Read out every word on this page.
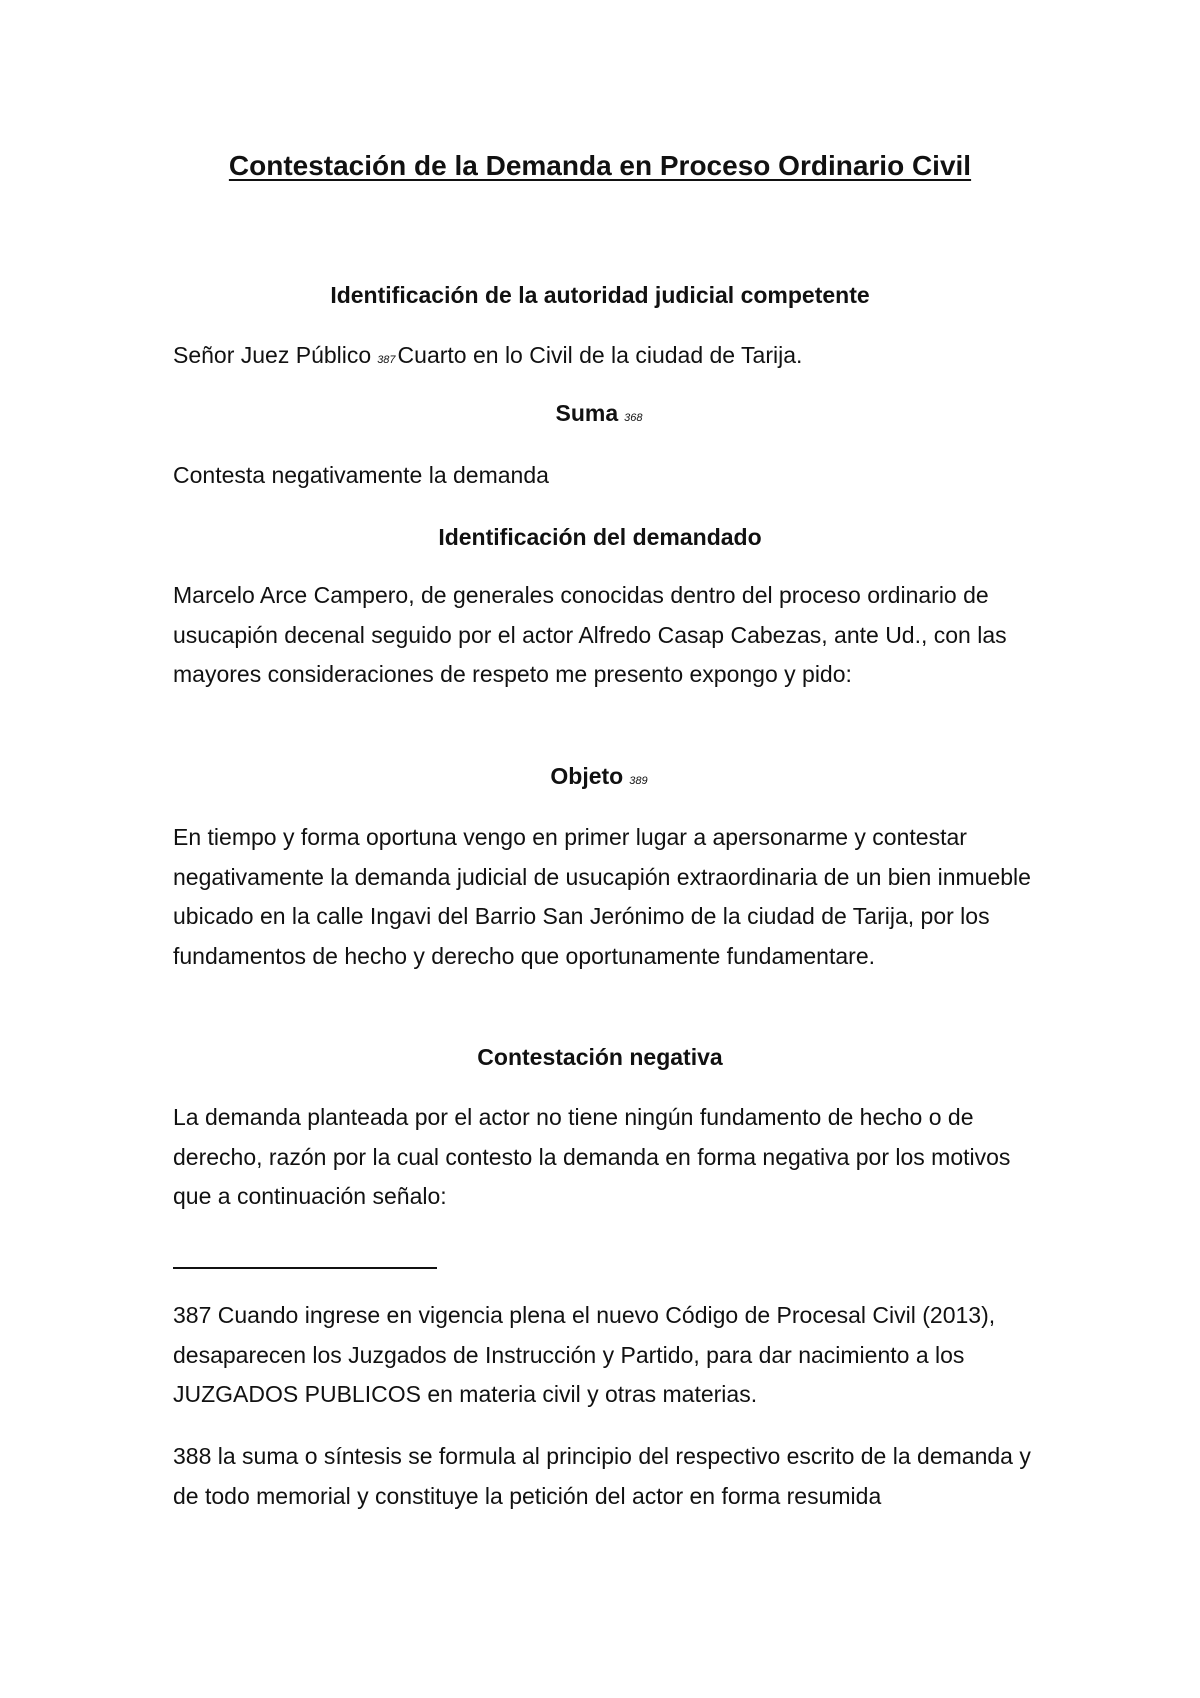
Contestación de la Demanda en Proceso Ordinario Civil
Identificación de la autoridad judicial competente

Señor Juez Público 387Cuarto en lo Civil de la ciudad de Tarija.

Suma 368

Contesta negativamente la demanda

Identificación del demandado

Marcelo Arce Campero, de generales conocidas dentro del proceso ordinario de usucapión decenal seguido por el actor Alfredo Casap Cabezas, ante Ud., con las mayores consideraciones de respeto me presento expongo y pido:

Objeto 389

En tiempo y forma oportuna vengo en primer lugar a apersonarme y contestar negativamente la demanda judicial de usucapión extraordinaria de un bien inmueble ubicado en la calle Ingavi del Barrio San Jerónimo de la ciudad de Tarija, por los fundamentos de hecho y derecho que oportunamente fundamentare.

Contestación negativa

La demanda planteada por el actor no tiene ningún fundamento de hecho o de derecho, razón por la cual contesto la demanda en forma negativa por los motivos que a continuación señalo:

387 Cuando ingrese en vigencia plena el nuevo Código de Procesal Civil (2013), desaparecen los Juzgados de Instrucción y Partido, para dar nacimiento a los JUZGADOS PUBLICOS en materia civil y otras materias.

388 la suma o síntesis se formula al principio del respectivo escrito de la demanda y de todo memorial y constituye la petición del actor en forma resumida
